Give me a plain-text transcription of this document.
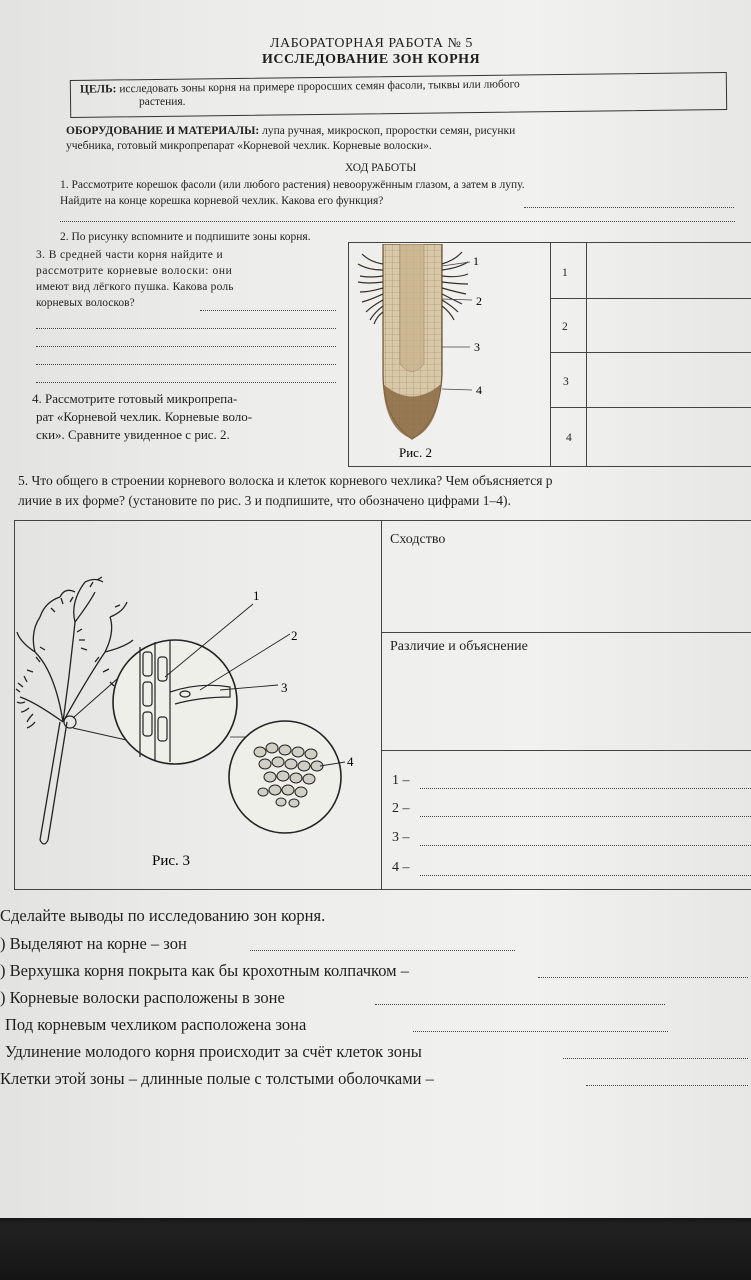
ЛАБОРАТОРНАЯ РАБОТА № 5
ИССЛЕДОВАНИЕ ЗОН КОРНЯ
ЦЕЛЬ: исследовать зоны корня на примере проросших семян фасоли, тыквы или любого
растения.
ОБОРУДОВАНИЕ И МАТЕРИАЛЫ: лупа ручная, микроскоп, проростки семян, рисунки
учебника, готовый микропрепарат «Корневой чехлик. Корневые волоски».
ХОД РАБОТЫ
1. Рассмотрите корешок фасоли (или любого растения) невооружённым глазом, а затем в лупу.
Найдите на конце корешка корневой чехлик. Какова его функция?
2. По рисунку вспомните и подпишите зоны корня.
1
2
3
4
3. В средней части корня найдите и
рассмотрите корневые волоски: они
имеют вид лёгкого пушка. Какова роль
корневых волосков?
4. Рассмотрите готовый микропрепа-
рат «Корневой чехлик. Корневые воло-
ски». Сравните увиденное с рис. 2.
1
2
3
4
Рис. 2
5. Что общего в строении корневого волоска и клеток корневого чехлика? Чем объясняется р
личие в их форме? (установите по рис. 3 и подпишите, что обозначено цифрами 1–4).
Сходство
Различие и объяснение
1 –
2 –
3 –
4 –
1
2
3
4
Рис. 3
Сделайте выводы по исследованию зон корня.
) Выделяют на корне – зон
) Верхушка корня покрыта как бы крохотным колпачком –
) Корневые волоски расположены в зоне
Под корневым чехликом расположена зона
Удлинение молодого корня происходит за счёт клеток зоны
Клетки этой зоны – длинные полые с толстыми оболочками –
